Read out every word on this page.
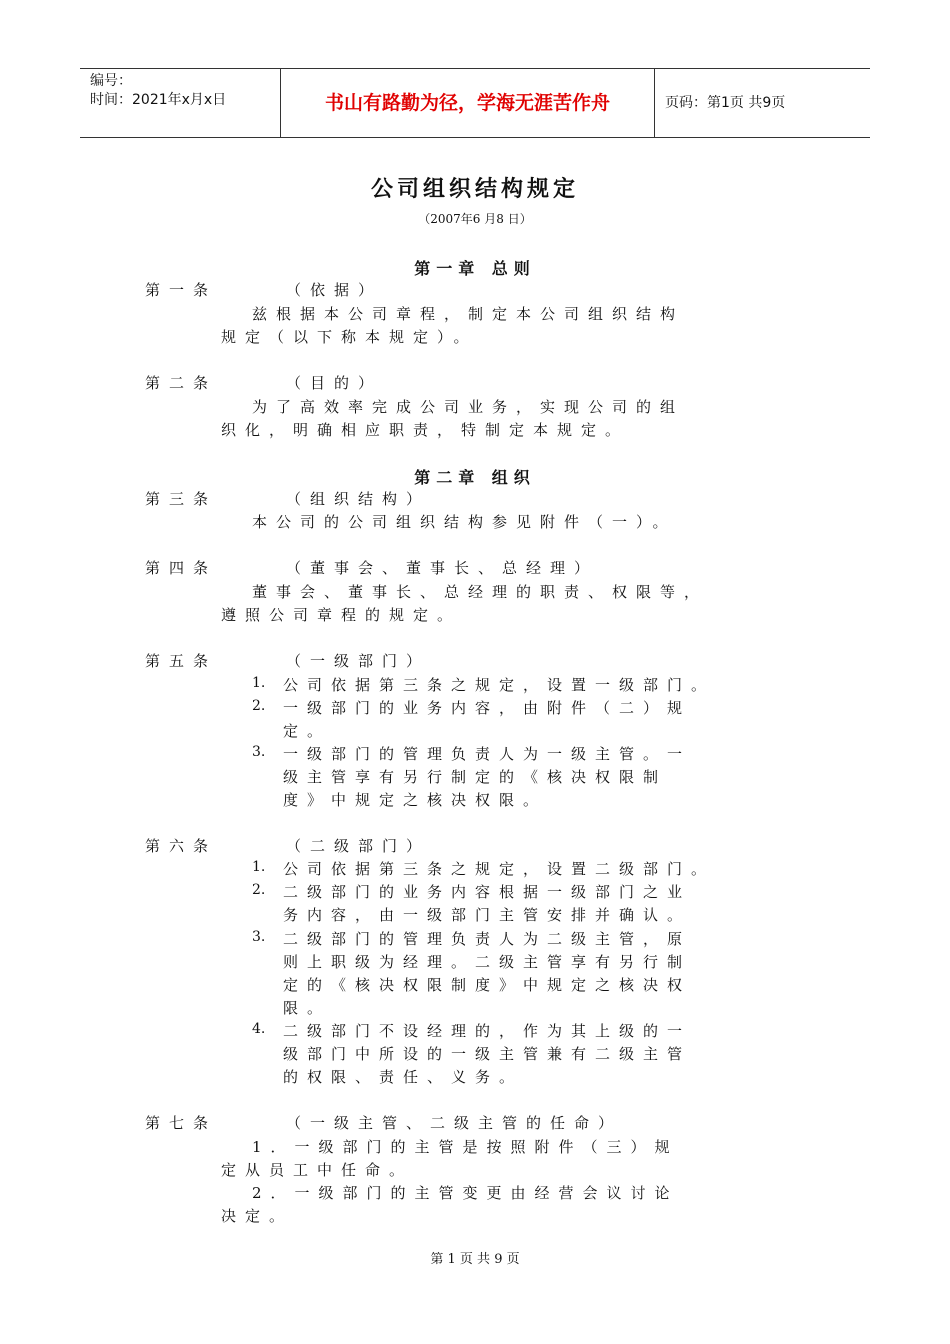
编号：
时间：2021年x月x日	书山有路勤为径，学海无涯苦作舟	页码：第1页 共9页
公司组织结构规定
（2007年6 月8 日）
第一章 总则
第一条	（依据）
兹根据本公司章程，制定本公司组织结构
规定（以下称本规定）。
第二条	（目的）
为了高效率完成公司业务，实现公司的组
织化，明确相应职责，特制定本规定。
第二章 组织
第三条	（组织结构）
本公司的公司组织结构参见附件（一）。
第四条	（董事会、董事长、总经理）
董事会、董事长、总经理的职责、权限等，
遵照公司章程的规定。
第五条	（一级部门）
1. 公司依据第三条之规定，设置一级部门。
2. 一级部门的业务内容，由附件（二）规
定。
3. 一级部门的管理负责人为一级主管。一
级主管享有另行制定的《核决权限制
度》中规定之核决权限。
第六条	（二级部门）
1. 公司依据第三条之规定，设置二级部门。
2. 二级部门的业务内容根据一级部门之业
务内容，由一级部门主管安排并确认。
3. 二级部门的管理负责人为二级主管，原
则上职级为经理。二级主管享有另行制
定的《核决权限制度》中规定之核决权
限。
4. 二级部门不设经理的，作为其上级的一
级部门中所设的一级主管兼有二级主管
的权限、责任、义务。
第七条	（一级主管、二级主管的任命）
1．一级部门的主管是按照附件（三）规
定从员工中任命。
2．一级部门的主管变更由经营会议讨论
决定。
第 1 页 共 9 页
